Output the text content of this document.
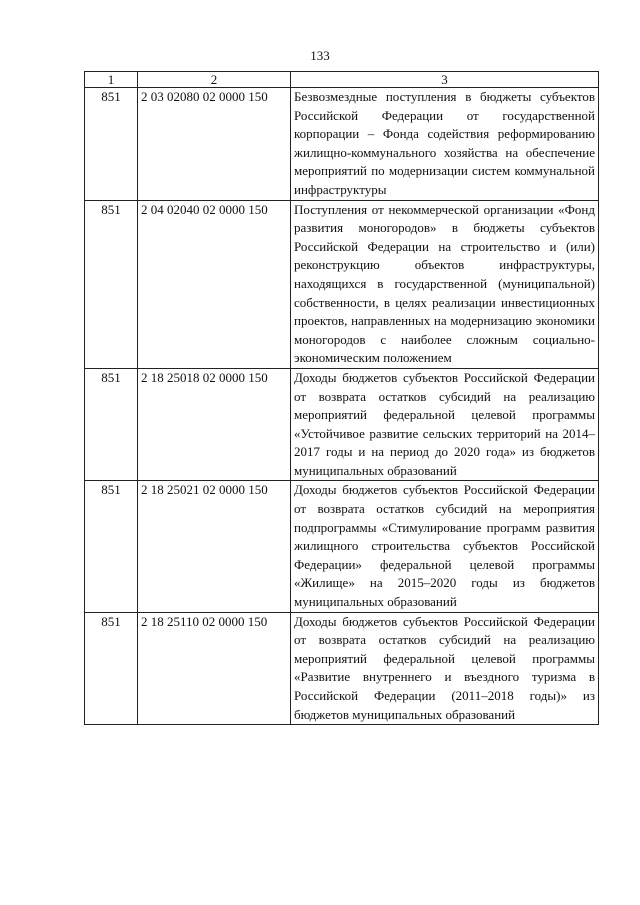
133
1	2	3
851	2 03 02080 02 0000 150	Безвозмездные поступления в бюджеты субъектов Российской Федерации от государственной корпорации – Фонда содействия реформированию жилищно-коммунального хозяйства на обеспечение мероприятий по модернизации систем коммунальной инфраструктуры
851	2 04 02040 02 0000 150	Поступления от некоммерческой организации «Фонд развития моногородов» в бюджеты субъектов Российской Федерации на строительство и (или) реконструкцию объектов инфраструктуры, находящихся в государственной (муниципальной) собственности, в целях реализации инвестиционных проектов, направленных на модернизацию экономики моногородов с наиболее сложным социально-экономическим положением
851	2 18 25018 02 0000 150	Доходы бюджетов субъектов Российской Федерации от возврата остатков субсидий на реализацию мероприятий федеральной целевой программы «Устойчивое развитие сельских территорий на 2014–2017 годы и на период до 2020 года» из бюджетов муниципальных образований
851	2 18 25021 02 0000 150	Доходы бюджетов субъектов Российской Федерации от возврата остатков субсидий на мероприятия подпрограммы «Стимулирование программ развития жилищного строительства субъектов Российской Федерации» федеральной целевой программы «Жилище» на 2015–2020 годы из бюджетов муниципальных образований
851	2 18 25110 02 0000 150	Доходы бюджетов субъектов Российской Федерации от возврата остатков субсидий на реализацию мероприятий федеральной целевой программы «Развитие внутреннего и въездного туризма в Российской Федерации (2011–2018 годы)» из бюджетов муниципальных образований
